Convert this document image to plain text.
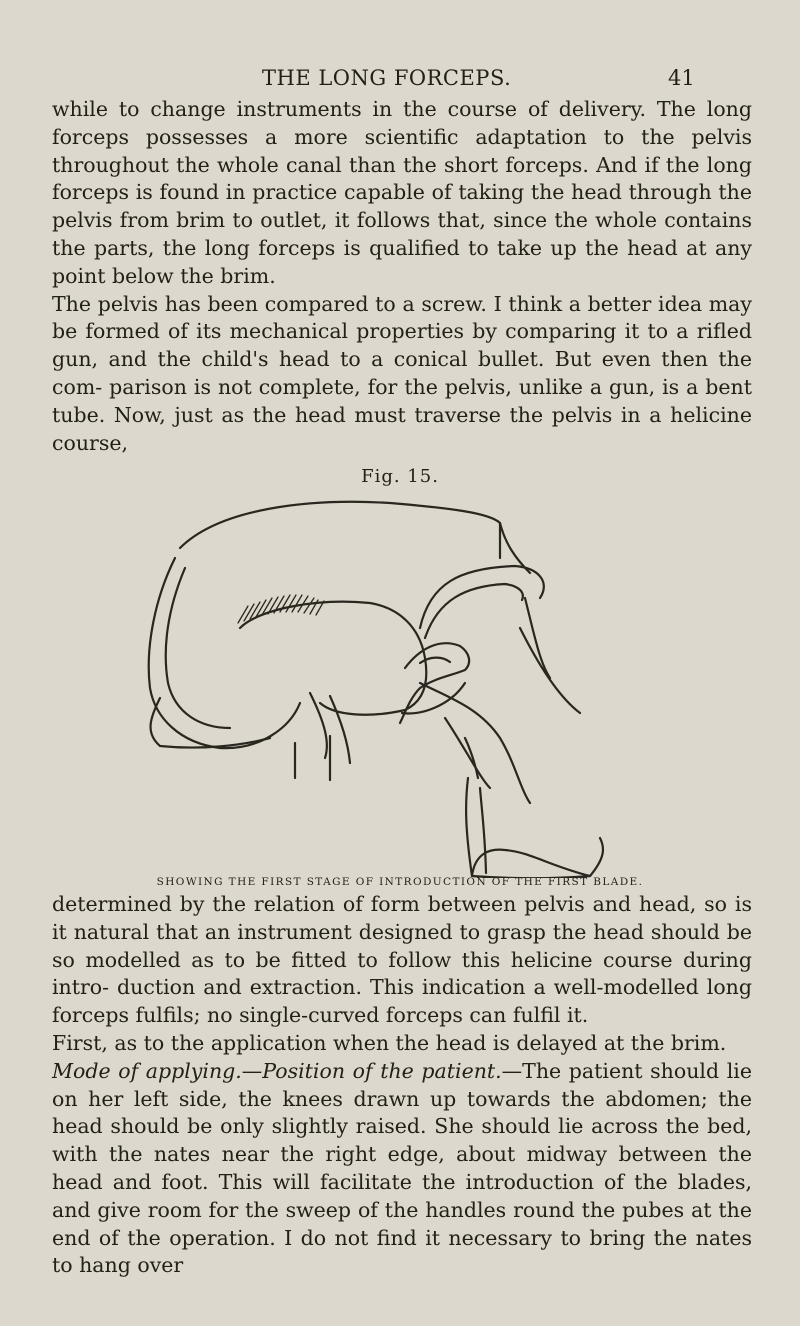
THE LONG FORCEPS.	41

while to change instruments in the course of delivery. The long forceps possesses a more scientific adaptation to the pelvis throughout the whole canal than the short forceps. And if the long forceps is found in practice capable of taking the head through the pelvis from brim to outlet, it follows that, since the whole contains the parts, the long forceps is qualified to take up the head at any point below the brim.

The pelvis has been compared to a screw. I think a better idea may be formed of its mechanical properties by comparing it to a rifled gun, and the child's head to a conical bullet. But even then the com- parison is not complete, for the pelvis, unlike a gun, is a bent tube. Now, just as the head must traverse the pelvis in a helicine course,

Fig. 15.
SHOWING THE FIRST STAGE OF INTRODUCTION OF THE FIRST BLADE.

determined by the relation of form between pelvis and head, so is it natural that an instrument designed to grasp the head should be so modelled as to be fitted to follow this helicine course during intro- duction and extraction. This indication a well-modelled long forceps fulfils; no single-curved forceps can fulfil it.

First, as to the application when the head is delayed at the brim.

Mode of applying.—Position of the patient.—The patient should lie on her left side, the knees drawn up towards the abdomen; the head should be only slightly raised. She should lie across the bed, with the nates near the right edge, about midway between the head and foot. This will facilitate the introduction of the blades, and give room for the sweep of the handles round the pubes at the end of the operation. I do not find it necessary to bring the nates to hang over
